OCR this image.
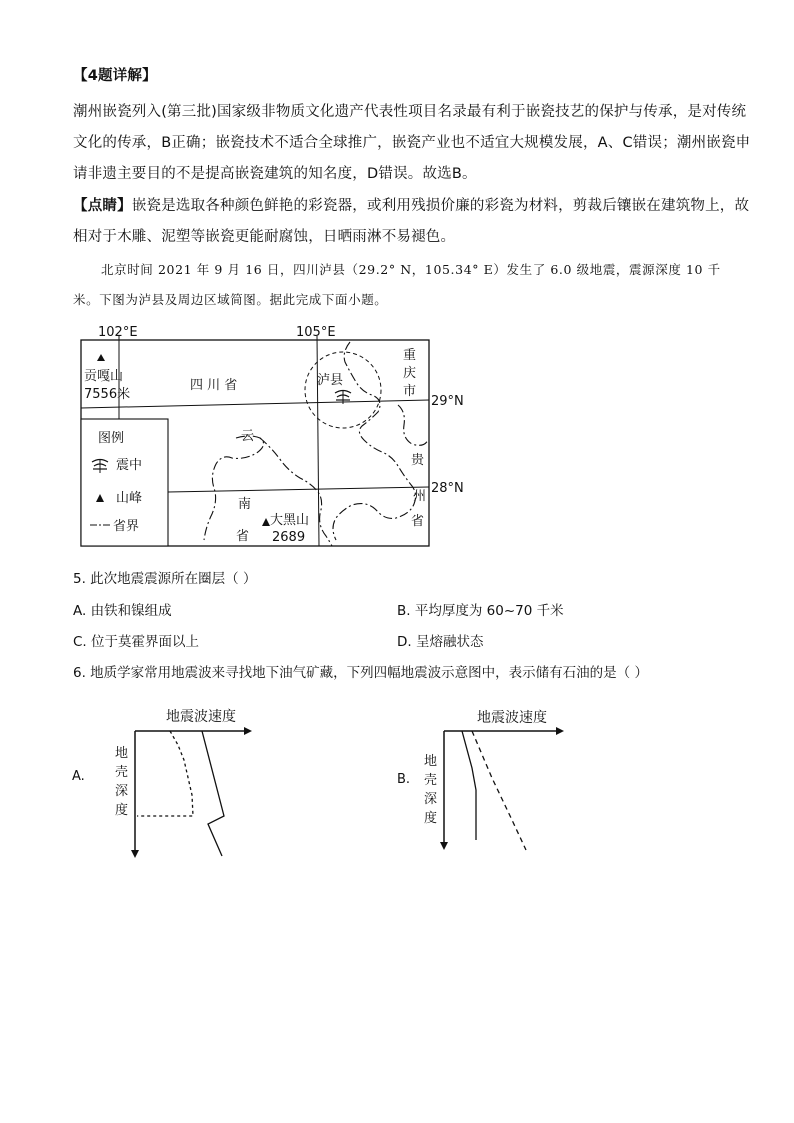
【4题详解】
潮州嵌瓷列入(第三批)国家级非物质文化遗产代表性项目名录最有利于嵌瓷技艺的保护与传承，是对传统
文化的传承，B正确；嵌瓷技术不适合全球推广，嵌瓷产业也不适宜大规模发展，A、C错误；潮州嵌瓷申
请非遗主要目的不是提高嵌瓷建筑的知名度，D错误。故选B。
【点睛】嵌瓷是选取各种颜色鲜艳的彩瓷器，或利用残损价廉的彩瓷为材料，剪裁后镶嵌在建筑物上，故
相对于木雕、泥塑等嵌瓷更能耐腐蚀，日晒雨淋不易褪色。
北京时间 2021 年 9 月 16 日，四川泸县（29.2° N，105.34° E）发生了 6.0 级地震，震源深度 10 千
米。下图为泸县及周边区域简图。据此完成下面小题。
102°E	105°E
29°N
28°N
贡嘎山
7556米
四 川 省	泸县
重
庆
市
云
南
省
贵
州
省
大黑山
2689
图例
震中
山峰
省界
5. 此次地震震源所在圈层（ ）
A. 由铁和镍组成	B. 平均厚度为 60~70 千米
C. 位于莫霍界面以上	D. 呈熔融状态
6. 地质学家常用地震波来寻找地下油气矿藏，下列四幅地震波示意图中，表示储有石油的是（ ）
A.
地震波速度
地
壳
深
度
B.
地震波速度
地
壳
深
度
